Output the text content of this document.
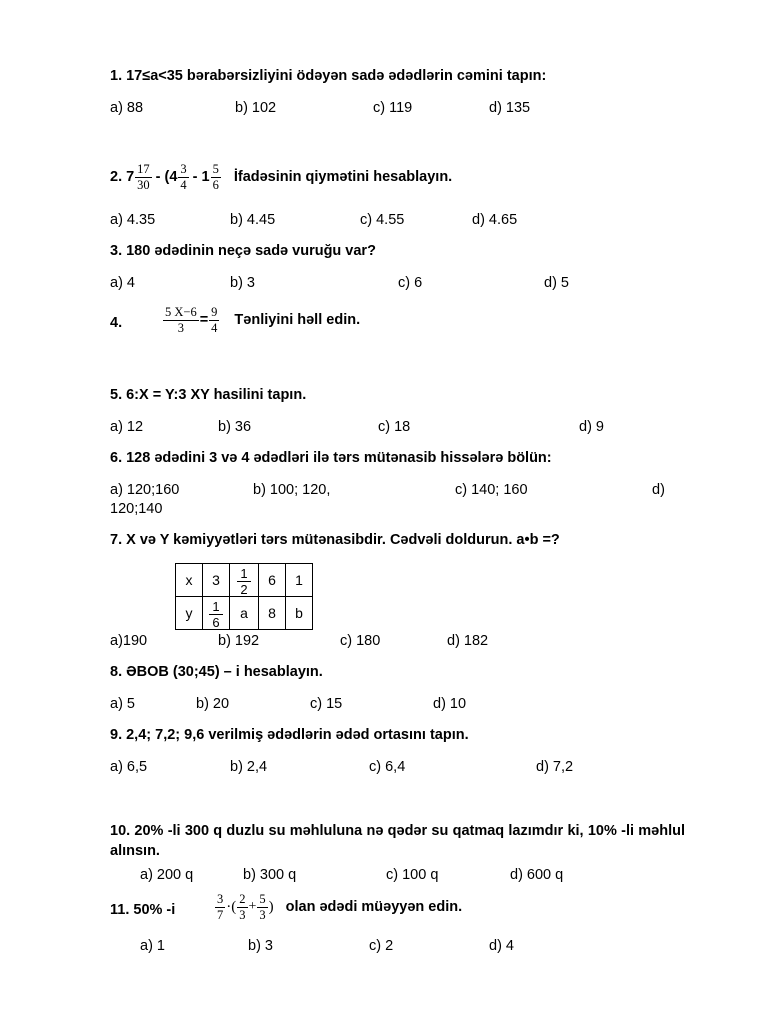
1. 17≤a<35 bərabərsizliyini ödəyən sadə ədədlərin cəmini tapın:
a) 88	b) 102	c) 119	d) 135
2. $7 \frac{17}{30} - (4 \frac{3}{4} - 1 \frac{5}{6}$ İfadəsinin qiymətini hesablayın.
a) 4.35	b) 4.45	c) 4.55	d) 4.65
3. 180 ədədinin neçə sadə vuruğu var?
a) 4	b) 3	c) 6	d) 5
4.	$\frac{5 X-6}{3} = \frac{9}{4}$ Tənliyini həll edin.
5. 6:X = Y:3 XY hasilini tapın.
a) 12	b) 36	c) 18	d) 9
6. 128 ədədini 3 və 4 ədədləri ilə tərs mütənasib hissələrə bölün:
a) 120;160	b) 100; 120,	c) 140; 160	d)
120;140
7. X və Y kəmiyyətləri tərs mütənasibdir. Cədvəli doldurun. a•b =?
x	3	$\frac{1}{2}$	6	1
y	$\frac{1}{6}$	a	8	b
a)190	b) 192	c) 180	d) 182
8. ƏBOB (30;45) – i hesablayın.
a) 5	b) 20	c) 15	d) 10
9. 2,4; 7,2; 9,6 verilmiş ədədlərin ədəd ortasını tapın.
a) 6,5	b) 2,4	c) 6,4	d) 7,2
10. 20% -li 300 q duzlu su məhluluna nə qədər su qatmaq lazımdır ki, 10% -li məhlul alınsın.
a) 200 q	b) 300 q	c) 100 q	d) 600 q
11. 50% -i	$\frac{3}{7}$ ·( $\frac{2}{3} + \frac{5}{3}$ ) olan ədədi müəyyən edin.
a) 1	b) 3	c) 2	d) 4
